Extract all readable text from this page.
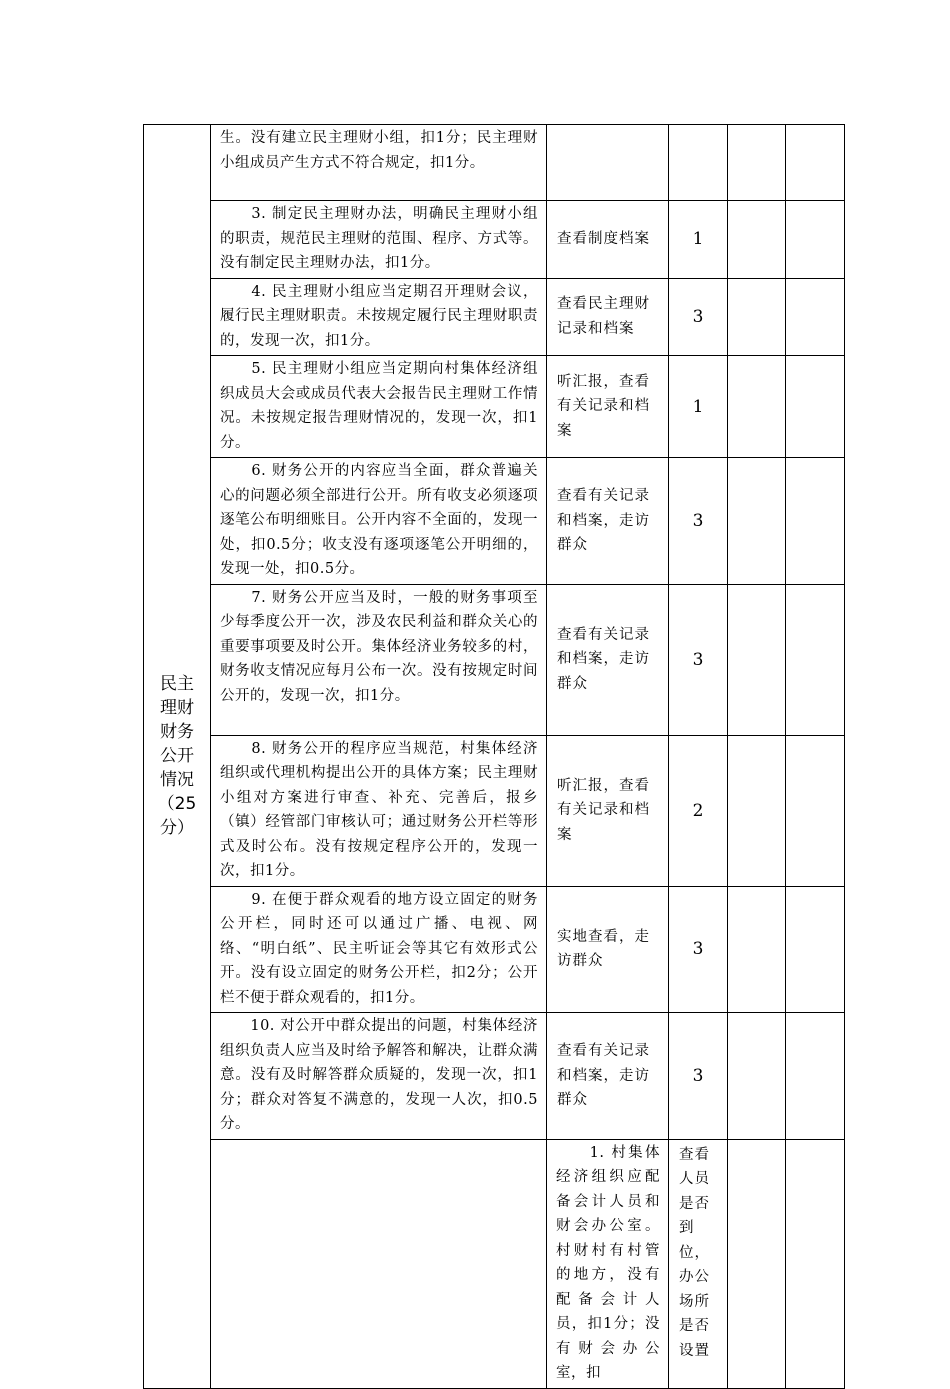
民主理财财务公开情况（25分）	生。没有建立民主理财小组，扣1分；民主理财小组成员产生方式不符合规定，扣1分。					
	　　3. 制定民主理财办法，明确民主理财小组的职责，规范民主理财的范围、程序、方式等。没有制定民主理财办法，扣1分。	查看制度档案	1			
	　　4. 民主理财小组应当定期召开理财会议，履行民主理财职责。未按规定履行民主理财职责的，发现一次，扣1分。	查看民主理财记录和档案	3			
	　　5. 民主理财小组应当定期向村集体经济组织成员大会或成员代表大会报告民主理财工作情况。未按规定报告理财情况的，发现一次，扣1分。	听汇报，查看有关记录和档案	1			
	　　6. 财务公开的内容应当全面，群众普遍关心的问题必须全部进行公开。所有收支必须逐项逐笔公布明细账目。公开内容不全面的，发现一处，扣0.5分；收支没有逐项逐笔公开明细的，发现一处，扣0.5分。	查看有关记录和档案，走访群众	3			
	　　7. 财务公开应当及时，一般的财务事项至少每季度公开一次，涉及农民利益和群众关心的重要事项要及时公开。集体经济业务较多的村，财务收支情况应每月公布一次。没有按规定时间公开的，发现一次，扣1分。	查看有关记录和档案，走访群众	3			
	　　8. 财务公开的程序应当规范，村集体经济组织或代理机构提出公开的具体方案；民主理财小组对方案进行审查、补充、完善后，报乡（镇）经管部门审核认可；通过财务公开栏等形式及时公布。没有按规定程序公开的，发现一次，扣1分。	听汇报，查看有关记录和档案	2			
	　　9. 在便于群众观看的地方设立固定的财务公开栏，同时还可以通过广播、电视、网络、“明白纸”、民主听证会等其它有效形式公开。没有设立固定的财务公开栏，扣2分；公开栏不便于群众观看的，扣1分。	实地查看，走访群众	3			
	　　10. 对公开中群众提出的问题，村集体经济组织负责人应当及时给予解答和解决，让群众满意。没有及时解答群众质疑的，发现一次，扣1分；群众对答复不满意的，发现一人次，扣0.5分。	查看有关记录和档案，走访群众	3			
		　　1. 村集体经济组织应配备会计人员和财会办公室。村财村有村管的地方，没有配备会计人员，扣1分；没有财会办公室，扣	查看人员是否到位，办公场所是否设置			
